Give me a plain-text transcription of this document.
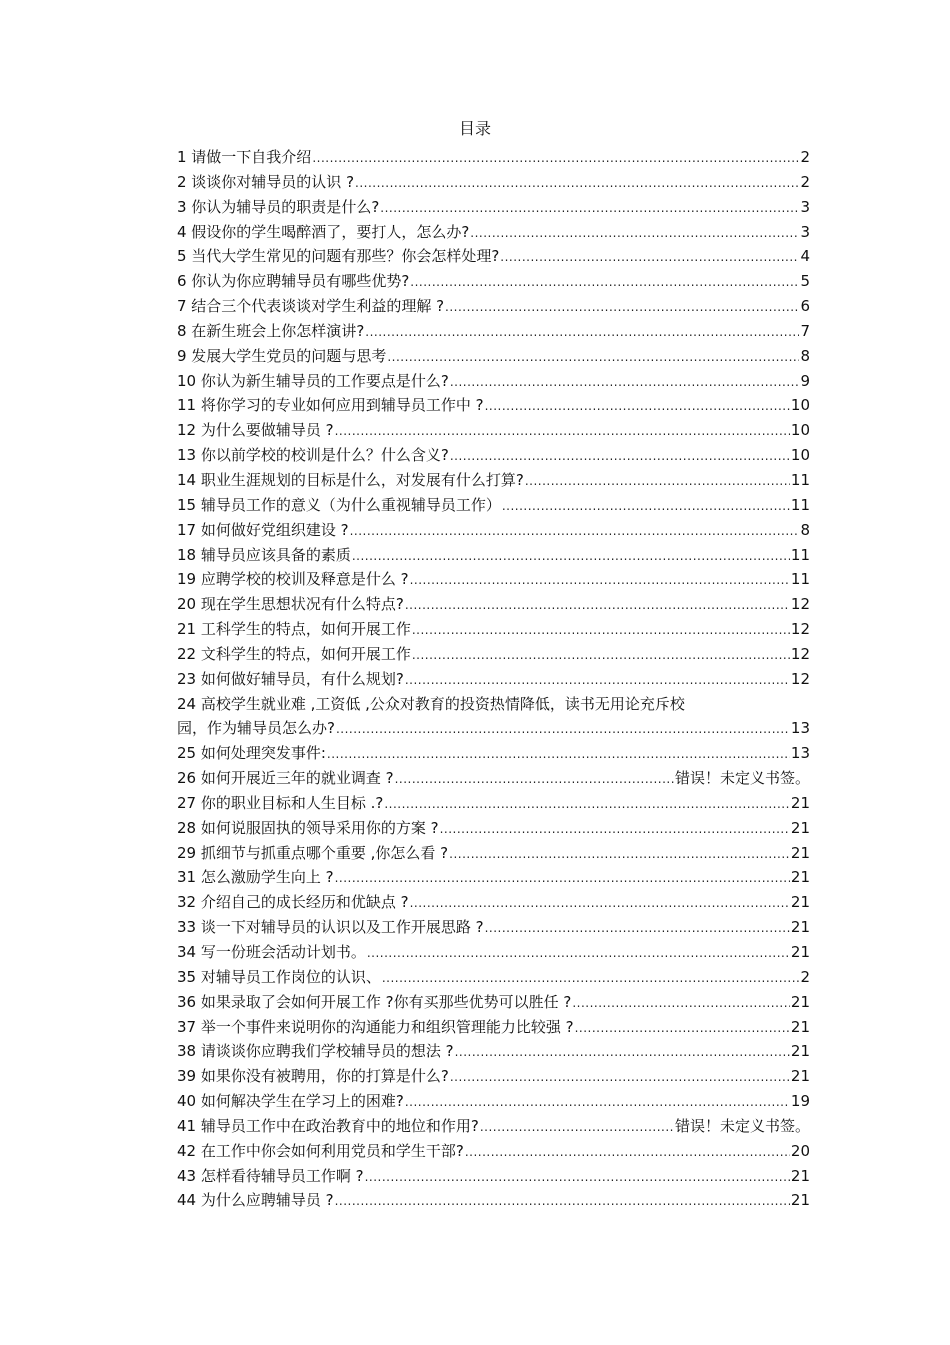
目录
1 请做一下自我介绍 .....	2
2 谈谈你对辅导员的认识 ? .....	2
3 你认为辅导员的职责是什么? .....	3
4 假设你的学生喝醉酒了，要打人，怎么办? .....	3
5 当代大学生常见的问题有那些？你会怎样处理? .....	4
6 你认为你应聘辅导员有哪些优势? .....	5
7 结合三个代表谈谈对学生利益的理解 ? .....	6
8 在新生班会上你怎样演讲? .....	7
9 发展大学生党员的问题与思考 .....	8
10 你认为新生辅导员的工作要点是什么? .....	9
11 将你学习的专业如何应用到辅导员工作中 ? .....	10
12 为什么要做辅导员 ? .....	10
13 你以前学校的校训是什么？什么含义? .....	10
14 职业生涯规划的目标是什么，对发展有什么打算? .....	11
15 辅导员工作的意义（为什么重视辅导员工作） .....	11
17 如何做好党组织建设 ? .....	8
18 辅导员应该具备的素质 .....	11
19 应聘学校的校训及释意是什么 ? .....	11
20 现在学生思想状况有什么特点? .....	12
21 工科学生的特点，如何开展工作 .....	12
22 文科学生的特点，如何开展工作 .....	12
23 如何做好辅导员，有什么规划? .....	12
24 高校学生就业难 ,工资低 ,公众对教育的投资热情降低，读书无用论充斥校
园，作为辅导员怎么办? .....	13
25 如何处理突发事件: .....	13
26 如何开展近三年的就业调查 ? .....	错误！未定义书签。
27 你的职业目标和人生目标 .? .....	21
28 如何说服固执的领导采用你的方案 ? .....	21
29 抓细节与抓重点哪个重要 ,你怎么看 ? .....	21
31 怎么激励学生向上 ? .....	21
32 介绍自己的成长经历和优缺点 ? .....	21
33 谈一下对辅导员的认识以及工作开展思路 ? .....	21
34 写一份班会活动计划书。 .....	21
35 对辅导员工作岗位的认识、 .....	2
36 如果录取了会如何开展工作 ?你有买那些优势可以胜任 ? .....	21
37 举一个事件来说明你的沟通能力和组织管理能力比较强 ? .....	21
38 请谈谈你应聘我们学校辅导员的想法 ? .....	21
39 如果你没有被聘用，你的打算是什么? .....	21
40 如何解决学生在学习上的困难? .....	19
41 辅导员工作中在政治教育中的地位和作用? .....	错误！未定义书签。
42 在工作中你会如何利用党员和学生干部? .....	20
43 怎样看待辅导员工作啊 ? .....	21
44 为什么应聘辅导员 ? .....	21
